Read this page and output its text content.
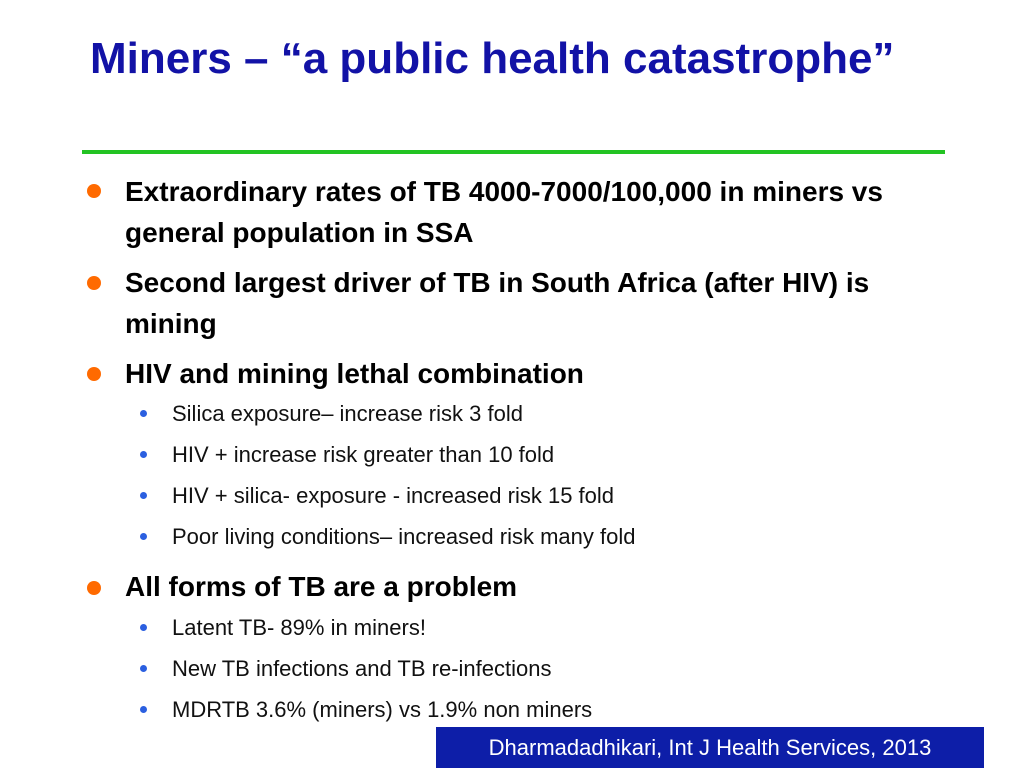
Miners – “a public health catastrophe”

Extraordinary rates of TB 4000-7000/100,000 in miners vs general population in SSA

Second largest driver of TB in South Africa (after HIV) is mining

HIV and mining lethal combination

Silica exposure– increase risk 3 fold

HIV + increase risk greater than 10 fold

HIV + silica- exposure - increased risk 15 fold

Poor living conditions– increased risk many fold

All forms of TB are a problem

Latent TB- 89% in miners!

New TB infections and TB re-infections

MDRTB 3.6% (miners) vs 1.9% non miners

Dharmadadhikari, Int J Health Services, 2013
